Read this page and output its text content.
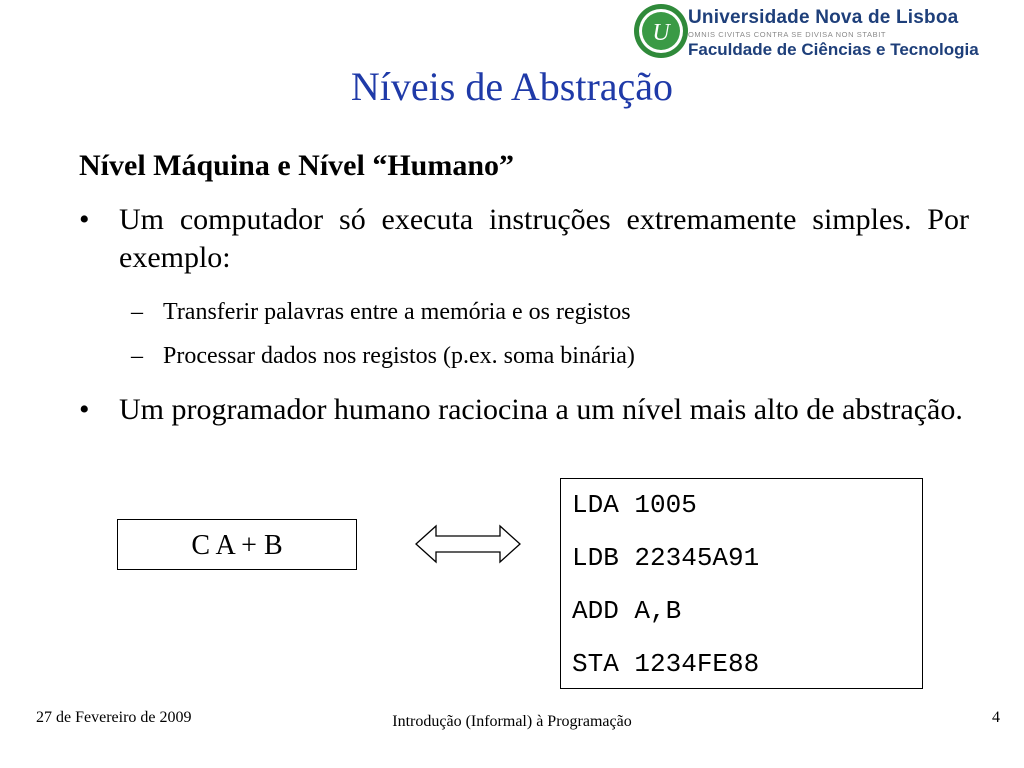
U
Universidade Nova de Lisboa
OMNIS CIVITAS CONTRA SE DIVISA NON STABIT
Faculdade de Ciências e Tecnologia
Níveis de Abstração
Nível Máquina e Nível “Humano”
• Um computador só executa instruções extremamente simples. Por exemplo:
– Transferir palavras entre a memória e os registos
– Processar dados nos registos (p.ex. soma binária)
• Um programador humano raciocina a um nível mais alto de abstração.
C A + B
LDA 1005
LDB 22345A91
ADD A,B
STA 1234FE88
27 de Fevereiro de 2009	Introdução (Informal) à Programação	4
